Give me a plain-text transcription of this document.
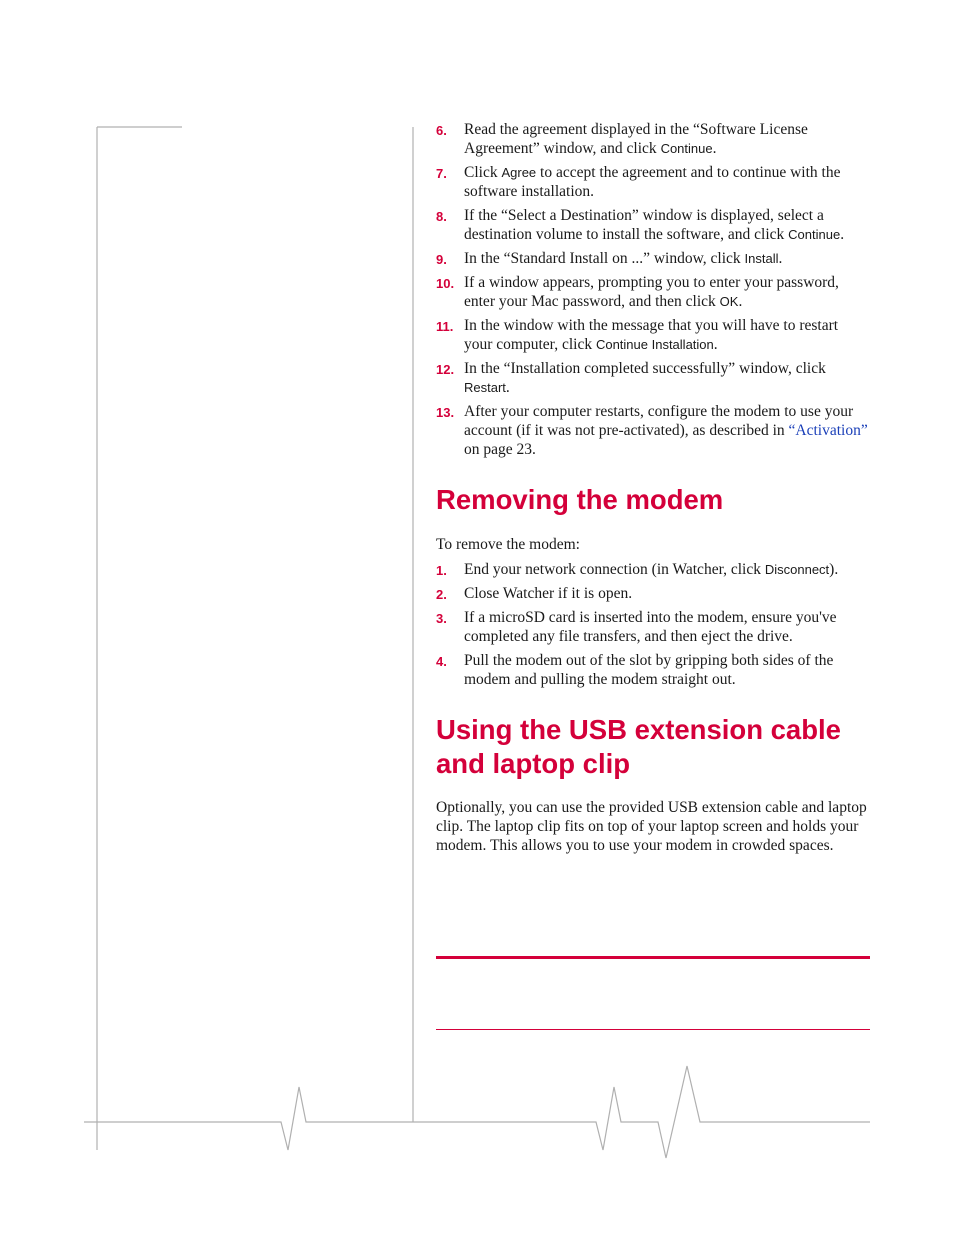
6. Read the agreement displayed in the “Software License Agreement” window, and click Continue.
7. Click Agree to accept the agreement and to continue with the software installation.
8. If the “Select a Destination” window is displayed, select a destination volume to install the software, and click Continue.
9. In the “Standard Install on ...” window, click Install.
10. If a window appears, prompting you to enter your password, enter your Mac password, and then click OK.
11. In the window with the message that you will have to restart your computer, click Continue Installation.
12. In the “Installation completed successfully” window, click Restart.
13. After your computer restarts, configure the modem to use your account (if it was not pre-activated), as described in “Activation” on page 23.
Removing the modem

To remove the modem:

1. End your network connection (in Watcher, click Disconnect).
2. Close Watcher if it is open.
3. If a microSD card is inserted into the modem, ensure you've completed any file transfers, and then eject the drive.
4. Pull the modem out of the slot by gripping both sides of the modem and pulling the modem straight out.
Using the USB extension cable and laptop clip

Optionally, you can use the provided USB extension cable and laptop clip. The laptop clip fits on top of your laptop screen and holds your modem. This allows you to use your modem in crowded spaces.
